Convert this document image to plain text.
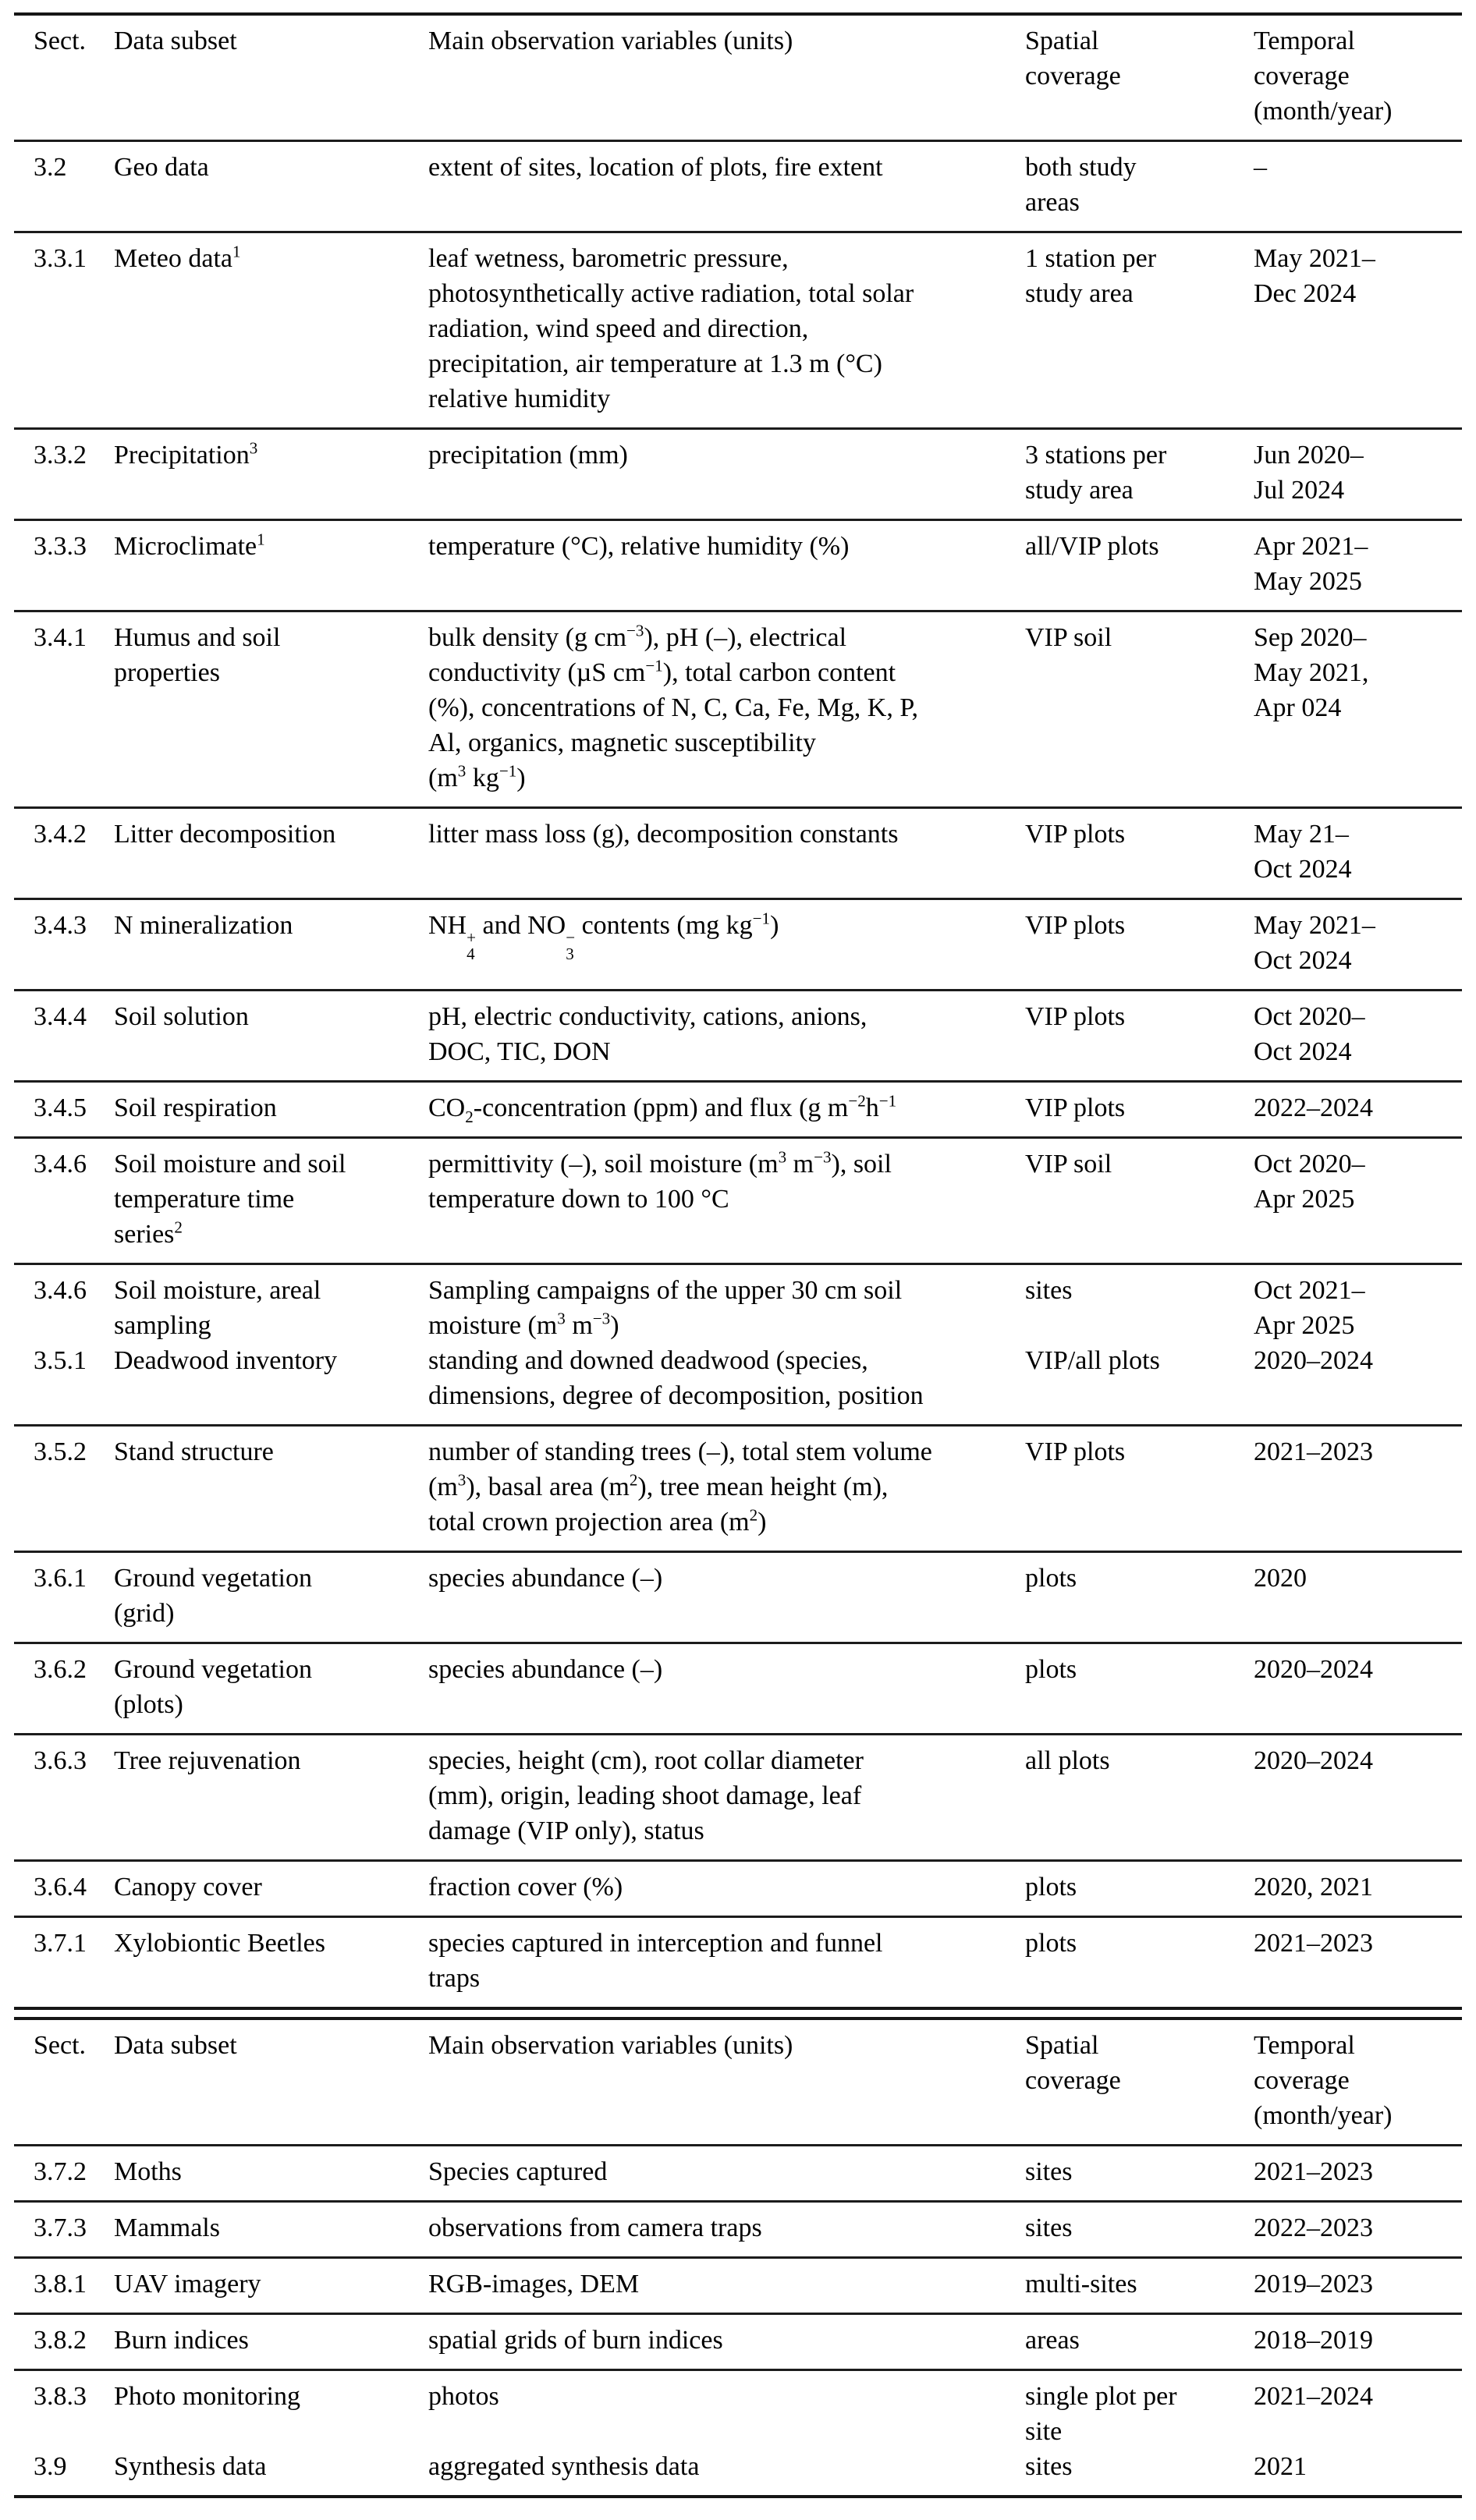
Sect.	Data subset	Main observation variables (units)	Spatial
coverage	Temporal
coverage
(month/year)
3.2	Geo data	extent of sites, location of plots, fire extent	both study
areas	–
3.3.1	Meteo data$^1$	leaf wetness, barometric pressure,
photosynthetically active radiation, total solar
radiation, wind speed and direction,
precipitation, air temperature at 1.3 m (°C)
relative humidity	1 station per
study area	May 2021–
Dec 2024
3.3.2	Precipitation$^3$	precipitation (mm)	3 stations per
study area	Jun 2020–
Jul 2024
3.3.3	Microclimate$^1$	temperature (°C), relative humidity (%)	all/VIP plots	Apr 2021–
May 2025
3.4.1	Humus and soil
properties	bulk density (g $cm^{-3}$), pH (–), electrical
conductivity (µS $cm^{-1}$), total carbon content
(%), concentrations of N, C, Ca, Fe, Mg, K, P,
Al, organics, magnetic susceptibility
($m^3$ $kg^{-1}$)	VIP soil	Sep 2020–
May 2021,
Apr 024
3.4.2	Litter decomposition	litter mass loss (g), decomposition constants	VIP plots	May 21–
Oct 2024
3.4.3	N mineralization	NH +
4
and NO −
3
contents (mg $kg^{-1}$)	VIP plots	May 2021–
Oct 2024
3.4.4	Soil solution	pH, electric conductivity, cations, anions,
DOC, TIC, DON	VIP plots	Oct 2020–
Oct 2024
3.4.5	Soil respiration	$CO_2$-concentration (ppm) and flux (g $m^{-2}h^{-1}$	VIP plots	2022–2024
3.4.6	Soil moisture and soil
temperature time
series$^2$	permittivity (–), soil moisture ($m^3$ $m^{-3}$), soil
temperature down to 100 °C	VIP soil	Oct 2020–
Apr 2025
3.4.6	Soil moisture, areal
sampling	Sampling campaigns of the upper 30 cm soil
moisture ($m^3$ $m^{-3}$)	sites	Oct 2021–
Apr 2025
3.5.1	Deadwood inventory	standing and downed deadwood (species,
dimensions, degree of decomposition, position	VIP/all plots	2020–2024
3.5.2	Stand structure	number of standing trees (–), total stem volume
$(m^3)$, basal area $(m^2)$, tree mean height (m),
total crown projection area $(m^2)$	VIP plots	2021–2023
3.6.1	Ground vegetation
(grid)	species abundance (–)	plots	2020
3.6.2	Ground vegetation
(plots)	species abundance (–)	plots	2020–2024
3.6.3	Tree rejuvenation	species, height (cm), root collar diameter
(mm), origin, leading shoot damage, leaf
damage (VIP only), status	all plots	2020–2024
3.6.4	Canopy cover	fraction cover (%)	plots	2020, 2021
3.7.1	Xylobiontic Beetles	species captured in interception and funnel
traps	plots	2021–2023
Sect.	Data subset	Main observation variables (units)	Spatial
coverage	Temporal
coverage
(month/year)
3.7.2	Moths	Species captured	sites	2021–2023
3.7.3	Mammals	observations from camera traps	sites	2022–2023
3.8.1	UAV imagery	RGB-images, DEM	multi-sites	2019–2023
3.8.2	Burn indices	spatial grids of burn indices	areas	2018–2019
3.8.3	Photo monitoring	photos	single plot per
site	2021–2024
3.9	Synthesis data	aggregated synthesis data	sites	2021
